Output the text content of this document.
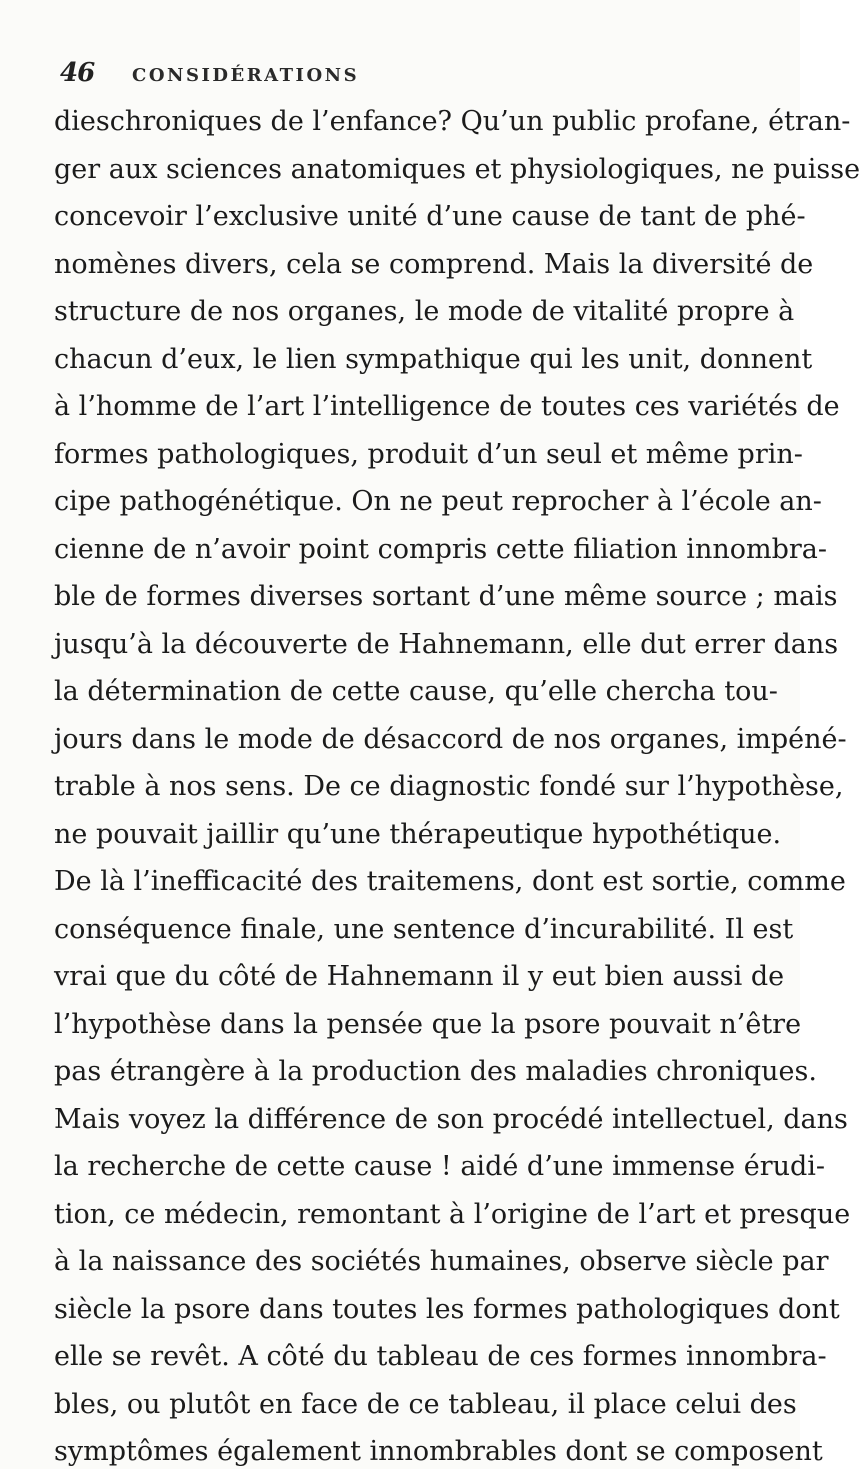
46 CONSIDÉRATIONS
dieschroniques de l’enfance? Qu’un public profane, étran-
ger aux sciences anatomiques et physiologiques, ne puisse
concevoir l’exclusive unité d’une cause de tant de phé-
nomènes divers, cela se comprend. Mais la diversité de
structure de nos organes, le mode de vitalité propre à
chacun d’eux, le lien sympathique qui les unit, donnent
à l’homme de l’art l’intelligence de toutes ces variétés de
formes pathologiques, produit d’un seul et même prin-
cipe pathogénétique. On ne peut reprocher à l’école an-
cienne de n’avoir point compris cette filiation innombra-
ble de formes diverses sortant d’une même source ; mais
jusqu’à la découverte de Hahnemann, elle dut errer dans
la détermination de cette cause, qu’elle chercha tou-
jours dans le mode de désaccord de nos organes, impéné-
trable à nos sens. De ce diagnostic fondé sur l’hypothèse,
ne pouvait jaillir qu’une thérapeutique hypothétique.
De là l’inefficacité des traitemens, dont est sortie, comme
conséquence finale, une sentence d’incurabilité. Il est
vrai que du côté de Hahnemann il y eut bien aussi de
l’hypothèse dans la pensée que la psore pouvait n’être
pas étrangère à la production des maladies chroniques.
Mais voyez la différence de son procédé intellectuel, dans
la recherche de cette cause ! aidé d’une immense érudi-
tion, ce médecin, remontant à l’origine de l’art et presque
à la naissance des sociétés humaines, observe siècle par
siècle la psore dans toutes les formes pathologiques dont
elle se revêt. A côté du tableau de ces formes innombra-
bles, ou plutôt en face de ce tableau, il place celui des
symptômes également innombrables dont se composent
